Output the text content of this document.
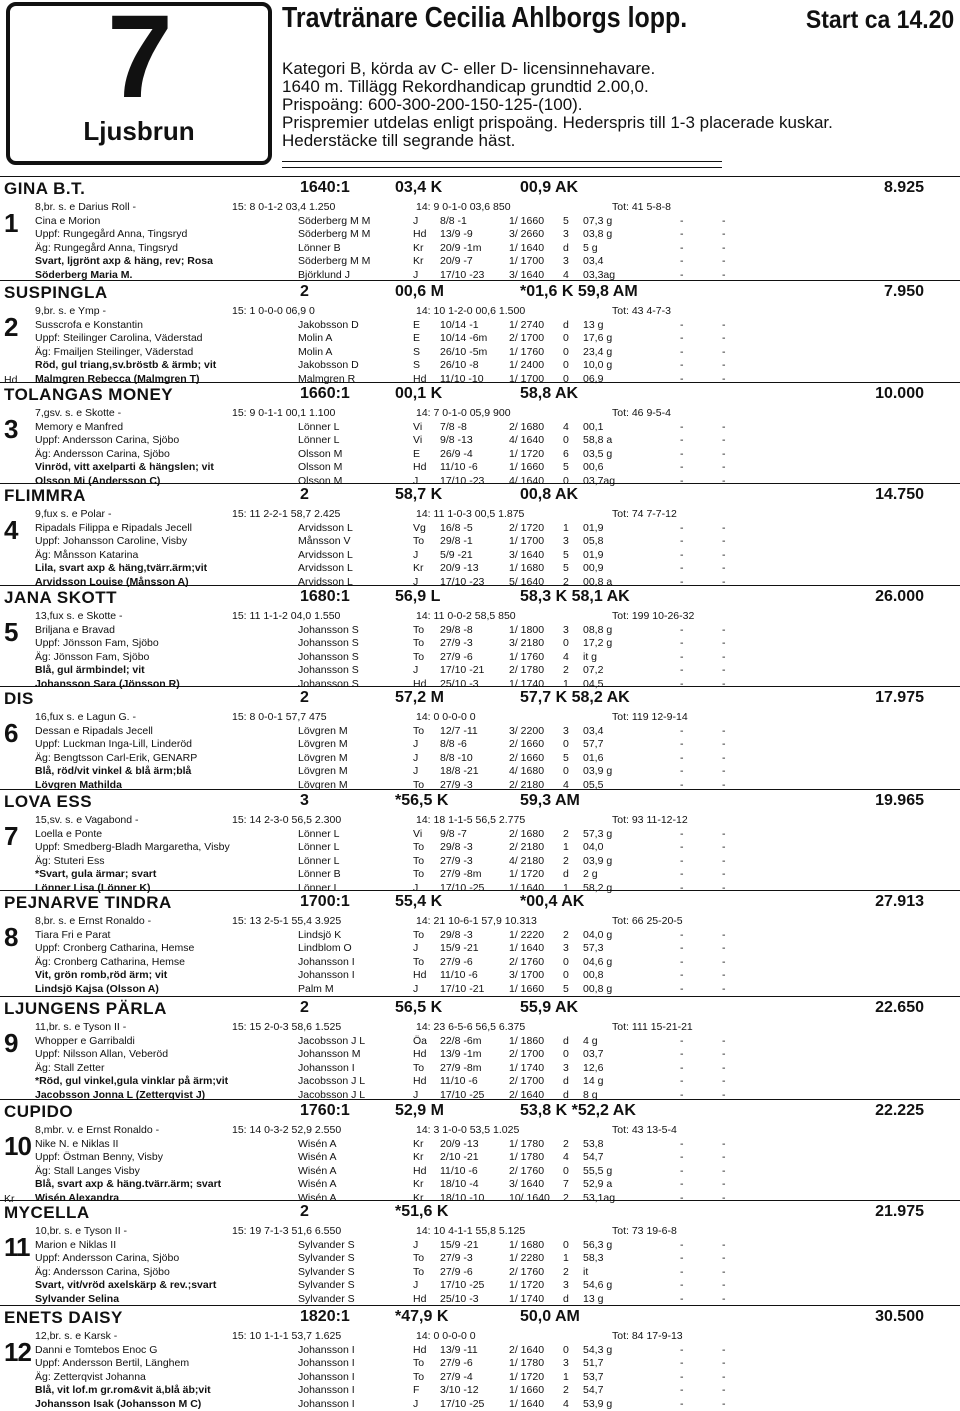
7
Ljusbrun
Travtränare Cecilia Ahlborgs lopp.	Start ca 14.20
Kategori B, körda av C- eller D- licensinnehavare.
1640 m. Tillägg Rekordhandicap grundtid 2.00,0.
Prispoäng: 600-300-200-150-125-(100).
Prispremier utdelas enligt prispoäng. Hederspris till 1-3 placerade kuskar.
Hederstäcke till segrande häst.
GINA B.T.	1640:1	03,4 K	00,9 AK	8.925
8,br. s. e Darius Roll -	15: 8 0-1-2 03,4 1.250	14: 9 0-1-0 03,6 850	Tot: 41 5-8-8
Cina e Morion	Söderberg M M	J 8/8 -1	1/ 1660 5 07,3 g	-	-
Uppf: Rungegård Anna, Tingsryd	Söderberg M M	Hd 13/9 -9	3/ 2660 3 03,8 g	-	-
Äg: Rungegård Anna, Tingsryd	Lönner B	Kr 20/9 -1m	1/ 1640 d 5 g	-	-
Svart, ljgrönt axp & häng, rev; Rosa	Söderberg M M	Kr 20/9 -7	1/ 1700 3 03,4	-	-
Söderberg Maria M.	Björklund J	J 17/10 -23 3/ 1640 4 03,3ag	-	-
1
SUSPINGLA	2	00,6 M	*01,6 K 59,8 AM	7.950
9,br. s. e Ymp -	15: 1 0-0-0 06,9 0	14: 10 1-2-0 00,6 1.500	Tot: 43 4-7-3
Susscrofa e Konstantin	Jakobsson D	E 10/14 -1	1/ 2740 d 13 g	-	-
Uppf: Steilinger Carolina, Väderstad	Molin A	E 10/14 -6m 2/ 1700 0 17,6 g	-	-
Äg: Fmailjen Steilinger, Väderstad	Molin A	S 26/10 -5m 1/ 1760 0 23,4 g	-	-
Röd, gul triang,sv.bröstb & ärmb; vit	Jakobsson D	S 26/10 -8	1/ 2400 0 10,0 g	-	-
Malmgren Rebecca (Malmgren T)	Malmgren R	Hd 11/10 -10 1/ 1700 0 06,9	-	-
2
Hd
TOLANGAS MONEY	1660:1	00,1 K	58,8 AK	10.000
7,gsv. s. e Skotte -	15: 9 0-1-1 00,1 1.100	14: 7 0-1-0 05,9 900	Tot: 46 9-5-4
Memory e Manfred	Lönner L	Vi 7/8 -8	2/ 1680 4 00,1	-	-
Uppf: Andersson Carina, Sjöbo	Lönner L	Vi 9/8 -13	4/ 1640 0 58,8 a	-	-
Äg: Andersson Carina, Sjöbo	Olsson M	E 26/9 -4	1/ 1720 6 03,5 g	-	-
Vinröd, vitt axelparti & hängslen; vit	Olsson M	Hd 11/10 -6	1/ 1660 5 00,6	-	-
Olsson Mi (Andersson C)	Olsson M	J 17/10 -23 4/ 1640 0 03,7ag	-	-
3
FLIMMRA	2	58,7 K	00,8 AK	14.750
9,fux s. e Polar -	15: 11 2-2-1 58,7 2.425	14: 11 1-0-3 00,5 1.875	Tot: 74 7-7-12
Ripadals Filippa e Ripadals Jecell	Arvidsson L	Vg 16/8 -5	2/ 1720 1 01,9	-	-
Uppf: Johansson Caroline, Visby	Månsson V	To 29/8 -1	1/ 1700 3 05,8	-	-
Äg: Månsson Katarina	Arvidsson L	J 5/9 -21	3/ 1640 5 01,9	-	-
Lila, svart axp & häng,tvärr.ärm;vit	Arvidsson L	Kr 20/9 -13	1/ 1680 5 00,9	-	-
Arvidsson Louise (Månsson A)	Arvidsson L	J 17/10 -23 5/ 1640 2 00,8 a	-	-
4
JANA SKOTT	1680:1	56,9 L	58,3 K 58,1 AK	26.000
13,fux s. e Skotte -	15: 11 1-1-2 04,0 1.550	14: 11 0-0-2 58,5 850	Tot: 199 10-26-32
Briljana e Bravad	Johansson S	To 29/8 -8	1/ 1800 3 08,8 g	-	-
Uppf: Jönsson Fam, Sjöbo	Johansson S	To 27/9 -3	3/ 2180 0 17,2 g	-	-
Äg: Jönsson Fam, Sjöbo	Johansson S	To 27/9 -6	1/ 1760 4 it g	-	-
Blå, gul ärmbindel; vit	Johansson S	J 17/10 -21 2/ 1780 2 07,2	-	-
Johansson Sara (Jönsson R)	Johansson S	Hd 25/10 -3	1/ 1740 1 04,5	-	-
5
DIS	2	57,2 M	57,7 K 58,2 AK	17.975
16,fux s. e Lagun G. -	15: 8 0-0-1 57,7 475	14: 0 0-0-0 0	Tot: 119 12-9-14
Dessan e Ripadals Jecell	Lövgren M	To 12/7 -11	3/ 2200 3 03,4	-	-
Uppf: Luckman Inga-Lill, Linderöd	Lövgren M	J 8/8 -6	2/ 1660 0 57,7	-	-
Äg: Bengtsson Carl-Erik, GENARP	Lövgren M	J 8/8 -10	2/ 1660 5 01,6	-	-
Blå, röd/vit vinkel & blå ärm;blå	Lövgren M	J 18/8 -21	4/ 1680 0 03,9 g	-	-
Lövgren Mathilda	Lövgren M	To 27/9 -3	2/ 2180 4 05,5	-	-
6
LOVA ESS	3	*56,5 K	59,3 AM	19.965
15,sv. s. e Vagabond -	15: 14 2-3-0 56,5 2.300	14: 18 1-1-5 56,5 2.775	Tot: 93 11-12-12
Loella e Ponte	Lönner L	Vi 9/8 -7	2/ 1680 2 57,3 g	-	-
Uppf: Smedberg-Bladh Margaretha, Visby	Lönner L	To 29/8 -3	2/ 2180 1 04,0	-	-
Äg: Stuteri Ess	Lönner L	To 27/9 -3	4/ 2180 2 03,9 g	-	-
*Svart, gula ärmar; svart	Lönner B	To 27/9 -8m	1/ 1720 d 2 g	-	-
Lönner Lisa (Lönner K)	Lönner L	J 17/10 -25 1/ 1640 1 58,2 g	-	-
7
PEJNARVE TINDRA	1700:1	55,4 K	*00,4 AK	27.913
8,br. s. e Ernst Ronaldo -	15: 13 2-5-1 55,4 3.925	14: 21 10-6-1 57,9 10.313	Tot: 66 25-20-5
Tiara Fri e Parat	Lindsjö K	To 29/8 -3	1/ 2220 2 04,0 g	-	-
Uppf: Cronberg Catharina, Hemse	Lindblom O	J 15/9 -21	1/ 1640 3 57,3	-	-
Äg: Cronberg Catharina, Hemse	Johansson I	To 27/9 -6	2/ 1760 0 04,6 g	-	-
Vit, grön romb,röd ärm; vit	Johansson I	Hd 11/10 -6	3/ 1700 0 00,8	-	-
Lindsjö Kajsa (Olsson A)	Palm M	J 17/10 -21 1/ 1660 5 00,8 g	-	-
8
LJUNGENS PÄRLA	2	56,5 K	55,9 AK	22.650
11,br. s. e Tyson II -	15: 15 2-0-3 58,6 1.525	14: 23 6-5-6 56,5 6.375	Tot: 111 15-21-21
Whopper e Garribaldi	Jacobsson J L	Öa 22/8 -6m	1/ 1860 d 4 g	-	-
Uppf: Nilsson Allan, Veberöd	Johansson M	Hd 13/9 -1m	2/ 1700 0 03,7	-	-
Äg: Stall Zetter	Johansson I	To 27/9 -8m	1/ 1740 3 12,6	-	-
*Röd, gul vinkel,gula vinklar på ärm;vit	Jacobsson J L	Hd 11/10 -6	2/ 1700 d 14 g	-	-
Jacobsson Jonna L (Zetterqvist J)	Jacobsson J L	J 17/10 -25 2/ 1640 d 8 g	-	-
9
CUPIDO	1760:1	52,9 M	53,8 K *52,2 AK	22.225
8,mbr. v. e Ernst Ronaldo -	15: 14 0-3-2 52,9 2.550	14: 3 1-0-0 53,5 1.025	Tot: 43 13-5-4
Nike N. e Niklas II	Wisén A	Kr 20/9 -13	1/ 1780 2 53,8	-	-
Uppf: Östman Benny, Visby	Wisén A	Kr 2/10 -21	1/ 1780 4 54,7	-	-
Äg: Stall Langes Visby	Wisén A	Hd 11/10 -6	2/ 1760 0 55,5 g	-	-
Blå, svart axp & häng.tvärr.ärm; svart	Wisén A	Kr 18/10 -4	3/ 1640 7 52,9 a	-	-
Wisén Alexandra	Wisén A	Kr 18/10 -10 10/ 1640 2 53,1ag	-	-
10
Kr
MYCELLA	2	*51,6 K	21.975
10,br. s. e Tyson II -	15: 19 7-1-3 51,6 6.550	14: 10 4-1-1 55,8 5.125	Tot: 73 19-6-8
Marion e Niklas II	Sylvander S	J 15/9 -21	1/ 1680 0 56,3 g	-	-
Uppf: Andersson Carina, Sjöbo	Sylvander S	To 27/9 -3	1/ 2280 1 58,3	-	-
Äg: Andersson Carina, Sjöbo	Sylvander S	To 27/9 -6	2/ 1760 2 it	-	-
Svart, vit/vröd axelskärp & rev.;svart	Sylvander S	J 17/10 -25 1/ 1720 3 54,6 g	-	-
Sylvander Selina	Sylvander S	Hd 25/10 -3	1/ 1740 d 13 g	-	-
11
ENETS DAISY	1820:1	*47,9 K	50,0 AM	30.500
12,br. s. e Karsk -	15: 10 1-1-1 53,7 1.625	14: 0 0-0-0 0	Tot: 84 17-9-13
Danni e Tomtebos Enoc G	Johansson I	Hd 13/9 -11	2/ 1640 0 54,3 g	-	-
Uppf: Andersson Bertil, Länghem	Johansson I	To 27/9 -6	1/ 1780 3 51,7	-	-
Äg: Zetterqvist Johanna	Johansson I	To 27/9 -4	1/ 1720 1 53,7	-	-
Blå, vit lof.m gr.rom&vit ä,blå äb;vit	Johansson I	F 3/10 -12	1/ 1660 2 54,7	-	-
Johansson Isak (Johansson M C)	Johansson I	J 17/10 -25 1/ 1640 4 53,9 g	-	-
12
